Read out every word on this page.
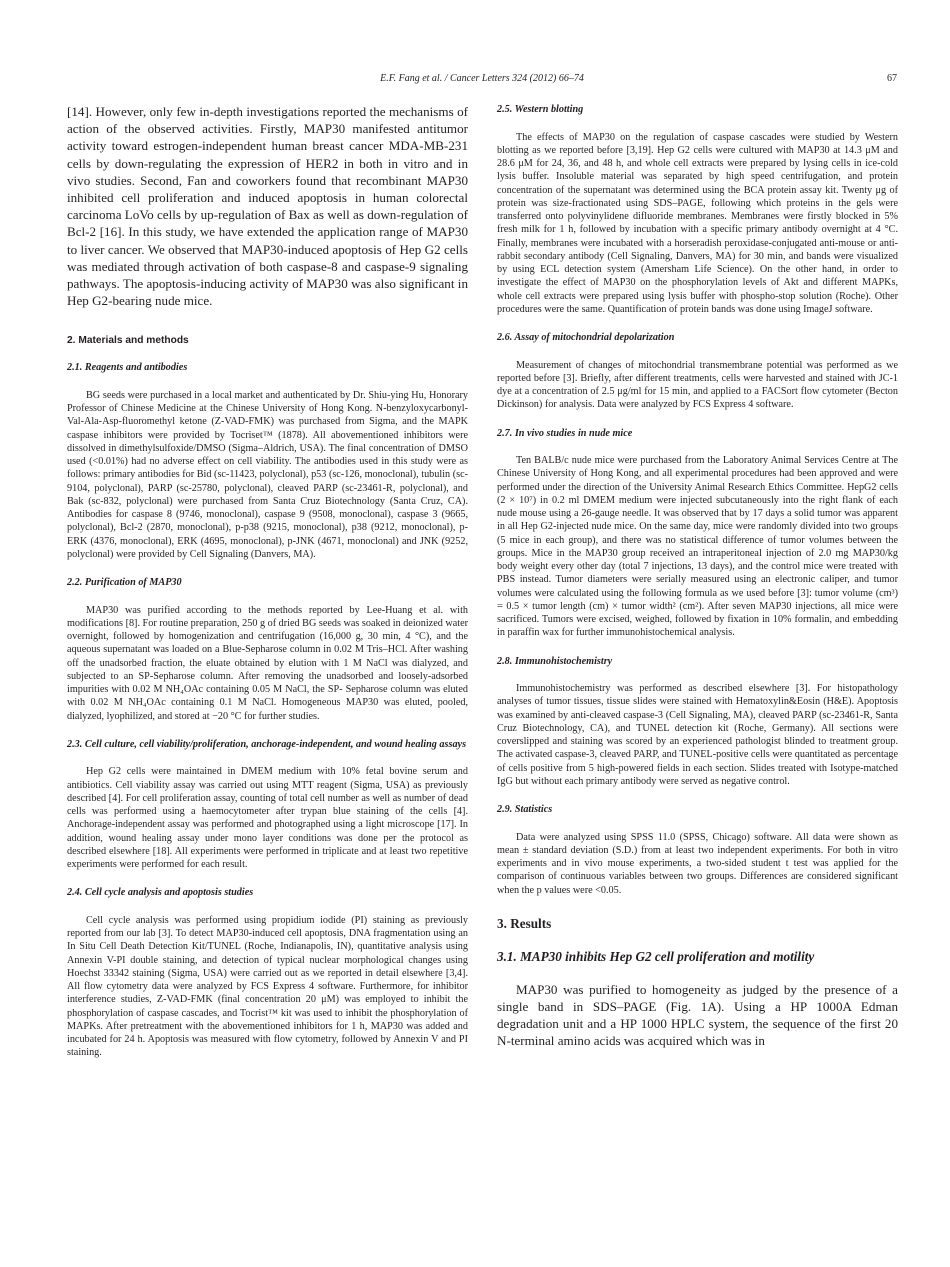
E.F. Fang et al. / Cancer Letters 324 (2012) 66–74	67

[14]. However, only few in-depth investigations reported the mechanisms of action of the observed activities. Firstly, MAP30 manifested antitumor activity toward estrogen-independent human breast cancer MDA-MB-231 cells by down-regulating the expression of HER2 in both in vitro and in vivo studies. Second, Fan and coworkers found that recombinant MAP30 inhibited cell proliferation and induced apoptosis in human colorectal carcinoma LoVo cells by up-regulation of Bax as well as down-regulation of Bcl-2 [16]. In this study, we have extended the application range of MAP30 to liver cancer. We observed that MAP30-induced apoptosis of Hep G2 cells was mediated through activation of both caspase-8 and caspase-9 signaling pathways. The apoptosis-inducing activity of MAP30 was also significant in Hep G2-bearing nude mice.

2. Materials and methods
2.1. Reagents and antibodies

BG seeds were purchased in a local market and authenticated by Dr. Shiu-ying Hu, Honorary Professor of Chinese Medicine at the Chinese University of Hong Kong. N-benzyloxycarbonyl-Val-Ala-Asp-fluoromethyl ketone (Z-VAD-FMK) was purchased from Sigma, and the MAPK caspase inhibitors were provided by Tocriset™ (1878). All abovementioned inhibitors were dissolved in dimethylsulfoxide/DMSO (Sigma–Aldrich, USA). The final concentration of DMSO used (<0.01%) had no adverse effect on cell viability. The antibodies used in this study were as follows: primary antibodies for Bid (sc-11423, polyclonal), p53 (sc-126, monoclonal), tubulin (sc-9104, polyclonal), PARP (sc-25780, polyclonal), cleaved PARP (sc-23461-R, polyclonal), and Bak (sc-832, polyclonal) were purchased from Santa Cruz Biotechnology (Santa Cruz, CA). Antibodies for caspase 8 (9746, monoclonal), caspase 9 (9508, monoclonal), caspase 3 (9665, polyclonal), Bcl-2 (2870, monoclonal), p-p38 (9215, monoclonal), p38 (9212, monoclonal), p-ERK (4376, monoclonal), ERK (4695, monoclonal), p-JNK (4671, monoclonal) and JNK (9252, polyclonal) were provided by Cell Signaling (Danvers, MA).

2.2. Purification of MAP30

MAP30 was purified according to the methods reported by Lee-Huang et al. with modifications [8]. For routine preparation, 250 g of dried BG seeds was soaked in deionized water overnight, followed by homogenization and centrifugation (16,000 g, 30 min, 4 °C), and the aqueous supernatant was loaded on a Blue-Sepharose column in 0.02 M Tris–HCl. After washing off the unadsorbed fraction, the eluate obtained by elution with 1 M NaCl was dialyzed, and subjected to an SP-Sepharose column. After removing the unadsorbed and loosely-adsorbed impurities with 0.02 M NH₄OAc containing 0.05 M NaCl, the SP- Sepharose column was eluted with 0.02 M NH₄OAc containing 0.1 M NaCl. Homogeneous MAP30 was eluted, pooled, dialyzed, lyophilized, and stored at −20 °C for further studies.

2.3. Cell culture, cell viability/proliferation, anchorage-independent, and wound healing assays

Hep G2 cells were maintained in DMEM medium with 10% fetal bovine serum and antibiotics. Cell viability assay was carried out using MTT reagent (Sigma, USA) as previously described [4]. For cell proliferation assay, counting of total cell number as well as number of dead cells was performed using a haemocytometer after trypan blue staining of the cells [4]. Anchorage-independent assay was performed and photographed using a light microscope [17]. In addition, wound healing assay under mono layer conditions was done per the protocol as described elsewhere [18]. All experiments were performed in triplicate and at least two repetitive experiments were performed for each result.

2.4. Cell cycle analysis and apoptosis studies

Cell cycle analysis was performed using propidium iodide (PI) staining as previously reported from our lab [3]. To detect MAP30-induced cell apoptosis, DNA fragmentation using an In Situ Cell Death Detection Kit/TUNEL (Roche, Indianapolis, IN), quantitative analysis using Annexin V-PI double staining, and detection of typical nuclear morphological changes using Hoechst 33342 staining (Sigma, USA) were carried out as we reported in detail elsewhere [3,4]. All flow cytometry data were analyzed by FCS Express 4 software. Furthermore, for inhibitor interference studies, Z-VAD-FMK (final concentration 20 μM) was employed to inhibit the phosphorylation of caspase cascades, and Tocrist™ kit was used to inhibit the phosphorylation of MAPKs. After pretreatment with the abovementioned inhibitors for 1 h, MAP30 was added and incubated for 24 h. Apoptosis was measured with flow cytometry, followed by Annexin V and PI staining.

2.5. Western blotting

The effects of MAP30 on the regulation of caspase cascades were studied by Western blotting as we reported before [3,19]. Hep G2 cells were cultured with MAP30 at 14.3 μM and 28.6 μM for 24, 36, and 48 h, and whole cell extracts were prepared by lysing cells in ice-cold lysis buffer. Insoluble material was separated by high speed centrifugation, and protein concentration of the supernatant was determined using the BCA protein assay kit. Twenty μg of protein was size-fractionated using SDS–PAGE, following which proteins in the gels were transferred onto polyvinylidene difluoride membranes. Membranes were firstly blocked in 5% fresh milk for 1 h, followed by incubation with a specific primary antibody overnight at 4 °C. Finally, membranes were incubated with a horseradish peroxidase-conjugated anti-mouse or anti-rabbit secondary antibody (Cell Signaling, Danvers, MA) for 30 min, and bands were visualized by using ECL detection system (Amersham Life Science). On the other hand, in order to investigate the effect of MAP30 on the phosphorylation levels of Akt and different MAPKs, whole cell extracts were prepared using lysis buffer with phospho-stop solution (Roche). Other procedures were the same. Quantification of protein bands was done using ImageJ software.

2.6. Assay of mitochondrial depolarization

Measurement of changes of mitochondrial transmembrane potential was performed as we reported before [3]. Briefly, after different treatments, cells were harvested and stained with JC-1 dye at a concentration of 2.5 μg/ml for 15 min, and applied to a FACSort flow cytometer (Becton Dickinson) for analysis. Data were analyzed by FCS Express 4 software.

2.7. In vivo studies in nude mice

Ten BALB/c nude mice were purchased from the Laboratory Animal Services Centre at The Chinese University of Hong Kong, and all experimental procedures had been approved and were performed under the direction of the University Animal Research Ethics Committee. HepG2 cells (2 × 10⁷) in 0.2 ml DMEM medium were injected subcutaneously into the right flank of each nude mouse using a 26-gauge needle. It was observed that by 17 days a solid tumor was apparent in all Hep G2-injected nude mice. On the same day, mice were randomly divided into two groups (5 mice in each group), and there was no statistical difference of tumor volumes between the groups. Mice in the MAP30 group received an intraperitoneal injection of 2.0 mg MAP30/kg body weight every other day (total 7 injections, 13 days), and the control mice were treated with PBS instead. Tumor diameters were serially measured using an electronic caliper, and tumor volumes were calculated using the following formula as we used before [3]: tumor volume (cm³) = 0.5 × tumor length (cm) × tumor width² (cm²). After seven MAP30 injections, all mice were sacrificed. Tumors were excised, weighed, followed by fixation in 10% formalin, and embedding in paraffin wax for further immunohistochemical analysis.

2.8. Immunohistochemistry

Immunohistochemistry was performed as described elsewhere [3]. For histopathology analyses of tumor tissues, tissue slides were stained with Hematoxylin&Eosin (H&E). Apoptosis was examined by anti-cleaved caspase-3 (Cell Signaling, MA), cleaved PARP (sc-23461-R, Santa Cruz Biotechnology, CA), and TUNEL detection kit (Roche, Germany). All sections were coverslipped and staining was scored by an experienced pathologist blinded to treatment group. The activated caspase-3, cleaved PARP, and TUNEL-positive cells were quantitated as percentage of cells positive from 5 high-powered fields in each section. Slides treated with Isotype-matched IgG but without each primary antibody were served as negative control.

2.9. Statistics

Data were analyzed using SPSS 11.0 (SPSS, Chicago) software. All data were shown as mean ± standard deviation (S.D.) from at least two independent experiments. For both in vitro experiments and in vivo mouse experiments, a two-sided student t test was applied for the comparison of continuous variables between two groups. Differences are considered significant when the p values were <0.05.

3. Results
3.1. MAP30 inhibits Hep G2 cell proliferation and motility

MAP30 was purified to homogeneity as judged by the presence of a single band in SDS–PAGE (Fig. 1A). Using a HP 1000A Edman degradation unit and a HP 1000 HPLC system, the sequence of the first 20 N-terminal amino acids was acquired which was in
